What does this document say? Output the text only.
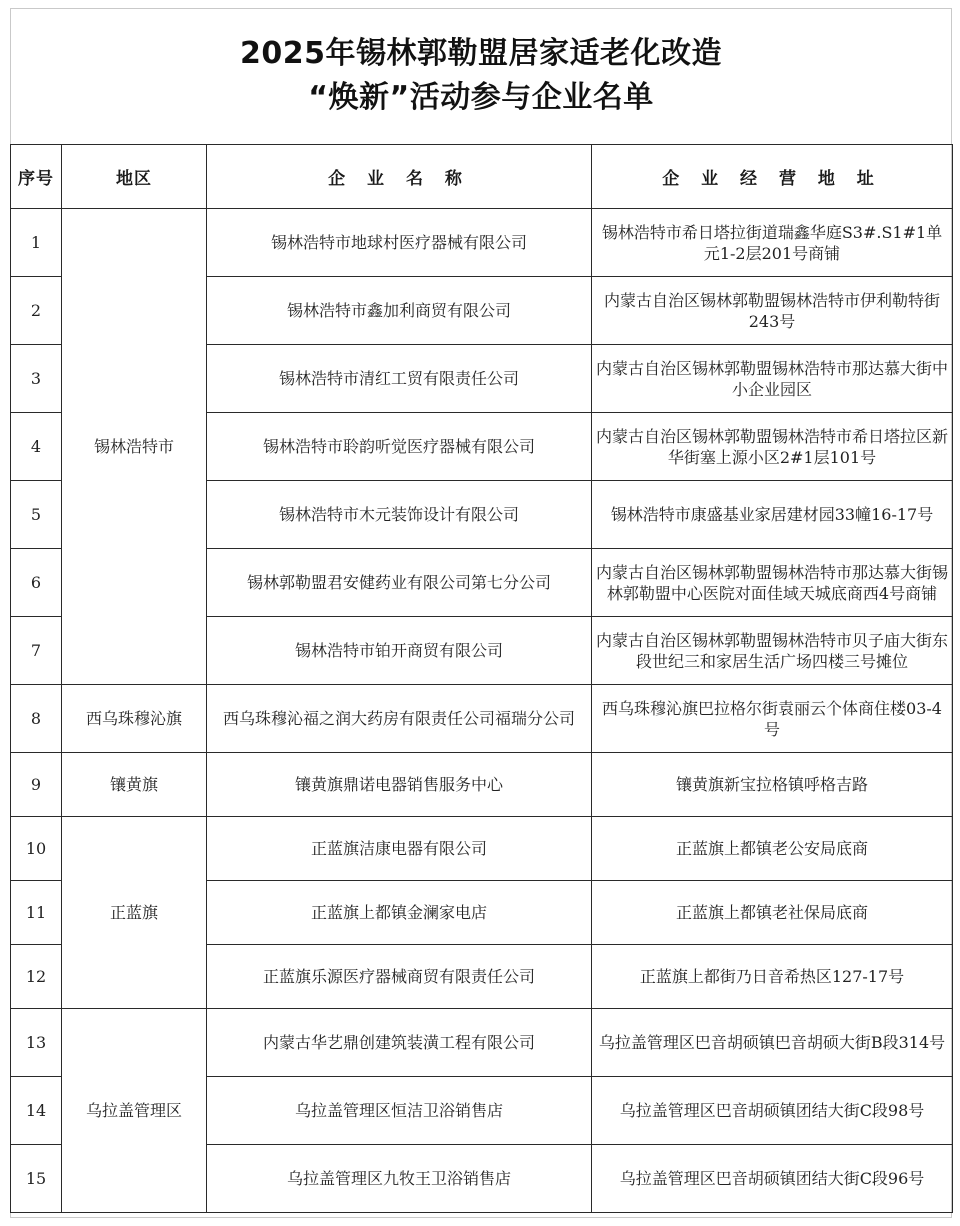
2025年锡林郭勒盟居家适老化改造
“焕新”活动参与企业名单
序号	地区	企 业 名 称	企 业 经 营 地 址
1	锡林浩特市	锡林浩特市地球村医疗器械有限公司	锡林浩特市希日塔拉街道瑞鑫华庭S3#.S1#1单元1-2层201号商铺
2		锡林浩特市鑫加利商贸有限公司	内蒙古自治区锡林郭勒盟锡林浩特市伊利勒特街243号
3		锡林浩特市清红工贸有限责任公司	内蒙古自治区锡林郭勒盟锡林浩特市那达慕大街中小企业园区
4		锡林浩特市聆韵听觉医疗器械有限公司	内蒙古自治区锡林郭勒盟锡林浩特市希日塔拉区新华街塞上源小区2#1层101号
5		锡林浩特市木元装饰设计有限公司	锡林浩特市康盛基业家居建材园33幢16-17号
6		锡林郭勒盟君安健药业有限公司第七分公司	内蒙古自治区锡林郭勒盟锡林浩特市那达慕大街锡林郭勒盟中心医院对面佳域天城底商西4号商铺
7		锡林浩特市铂开商贸有限公司	内蒙古自治区锡林郭勒盟锡林浩特市贝子庙大街东段世纪三和家居生活广场四楼三号摊位
8	西乌珠穆沁旗	西乌珠穆沁福之润大药房有限责任公司福瑞分公司	西乌珠穆沁旗巴拉格尔街袁丽云个体商住楼03-4号
9	镶黄旗	镶黄旗鼎诺电器销售服务中心	镶黄旗新宝拉格镇呼格吉路
10	正蓝旗	正蓝旗洁康电器有限公司	正蓝旗上都镇老公安局底商
11		正蓝旗上都镇金澜家电店	正蓝旗上都镇老社保局底商
12		正蓝旗乐源医疗器械商贸有限责任公司	正蓝旗上都街乃日音希热区127-17号
13	乌拉盖管理区	内蒙古华艺鼎创建筑装潢工程有限公司	乌拉盖管理区巴音胡硕镇巴音胡硕大街B段314号
14		乌拉盖管理区恒洁卫浴销售店	乌拉盖管理区巴音胡硕镇团结大街C段98号
15		乌拉盖管理区九牧王卫浴销售店	乌拉盖管理区巴音胡硕镇团结大街C段96号
